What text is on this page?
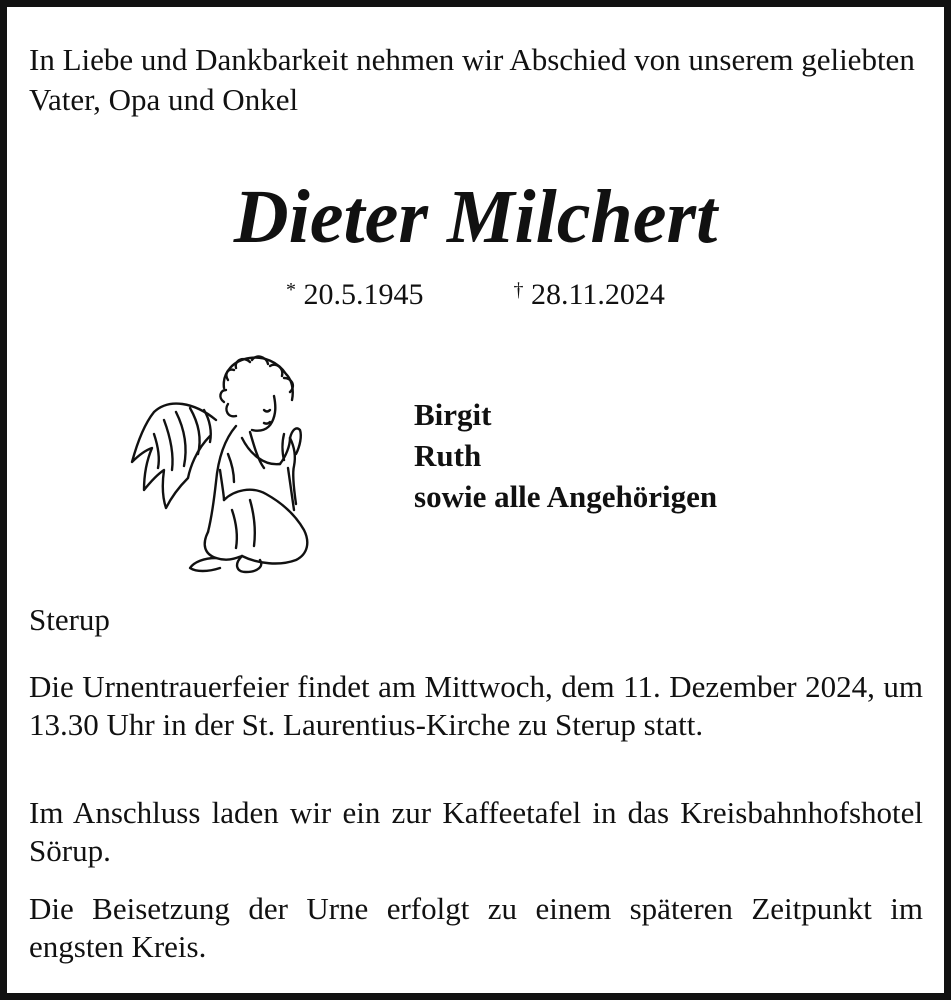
In Liebe und Dankbarkeit nehmen wir Abschied von unserem geliebten Vater, Opa und Onkel
Dieter Milchert
* 20.5.1945	† 28.11.2024
Birgit
Ruth
sowie alle Angehörigen
Sterup
Die Urnentrauerfeier findet am Mittwoch, dem 11. Dezember 2024, um 13.30 Uhr in der St. Laurentius-Kirche zu Sterup statt.
Im Anschluss laden wir ein zur Kaffeetafel in das Kreisbahnhofshotel Sörup.
Die Beisetzung der Urne erfolgt zu einem späteren Zeitpunkt im engsten Kreis.
